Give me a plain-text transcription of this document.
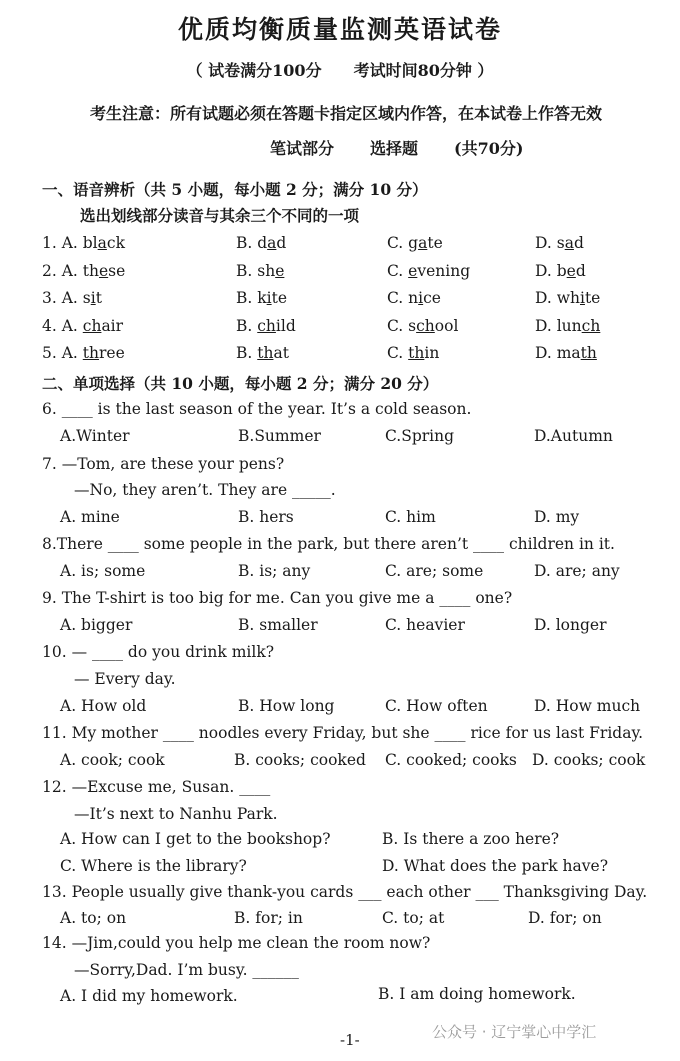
优质均衡质量监测英语试卷
（ 试卷满分100分　　考试时间80分钟 ）
考生注意：所有试题必须在答题卡指定区域内作答，在本试卷上作答无效
笔试部分 选择题 (共70分)
一、语音辨析（共 5 小题，每小题 2 分；满分 10 分）
选出划线部分读音与其余三个不同的一项
1. A. black	B. dad	C. gate	D. sad
2. A. these	B. she	C. evening	D. bed
3. A. sit	B. kite	C. nice	D. white
4. A. chair	B. child	C. school	D. lunch
5. A. three	B. that	C. thin	D. math
二、单项选择（共 10 小题，每小题 2 分；满分 20 分）
6. ____ is the last season of the year. It’s a cold season.
A.Winter	B.Summer	C.Spring	D.Autumn
7. —Tom, are these your pens?
—No, they aren’t. They are _____.
A. mine	B. hers	C. him	D. my
8.There ____ some people in the park, but there aren’t ____ children in it.
A. is; some	B. is; any	C. are; some	D. are; any
9. The T-shirt is too big for me. Can you give me a ____ one?
A. bigger	B. smaller	C. heavier	D. longer
10. — ____ do you drink milk?
— Every day.
A. How old	B. How long	C. How often	D. How much
11. My mother ____ noodles every Friday, but she ____ rice for us last Friday.
A. cook; cook	B. cooks; cooked C. cooked; cooks D. cooks; cook
12. —Excuse me, Susan. ____
—It’s next to Nanhu Park.
A. How can I get to the bookshop?	B. Is there a zoo here?
C. Where is the library?	D. What does the park have?
13. People usually give thank-you cards ___ each other ___ Thanksgiving Day.
A. to; on	B. for; in	C. to; at	D. for; on
14. —Jim,could you help me clean the room now?
—Sorry,Dad. I’m busy. ______
A. I did my homework.	B. I am doing homework.
-1-	公众号 · 辽宁掌心中学汇
